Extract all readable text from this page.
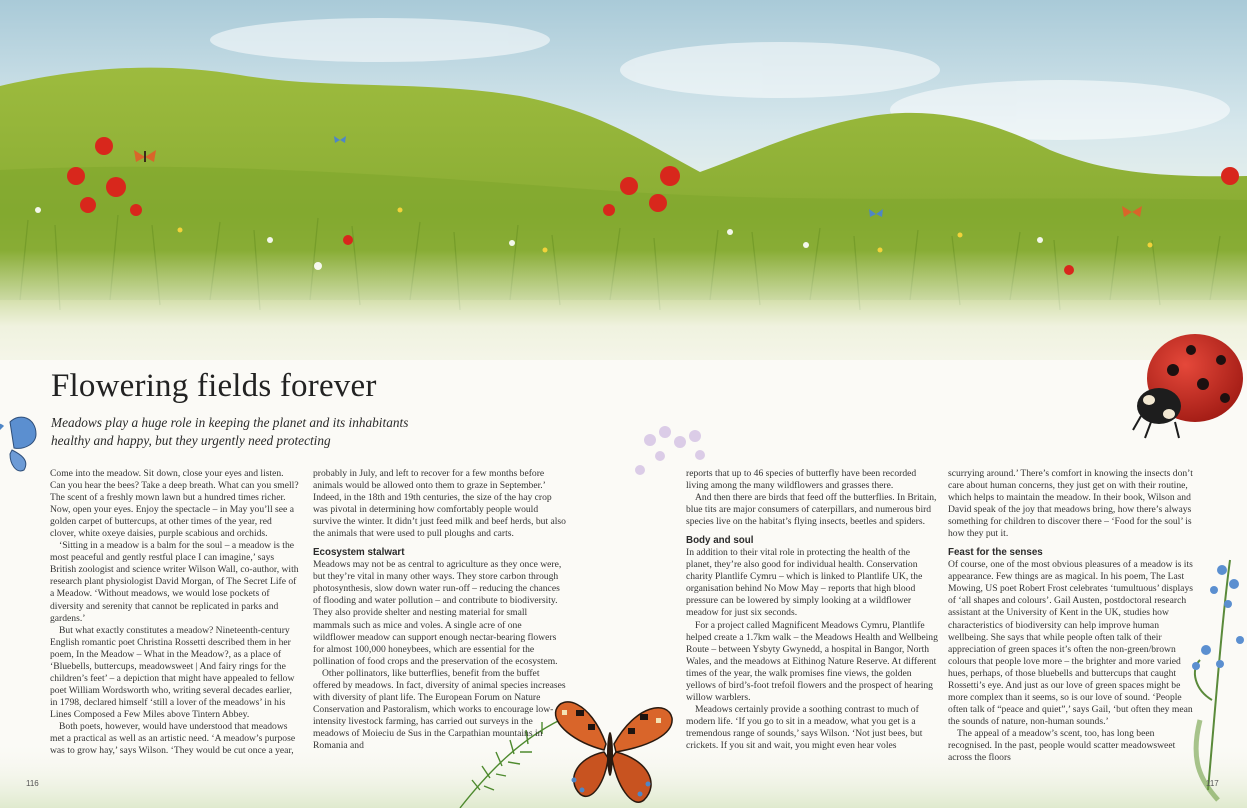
Flowering fields forever
Meadows play a huge role in keeping the planet and its inhabitants healthy and happy, but they urgently need protecting

Come into the meadow. Sit down, close your eyes and listen. Can you hear the bees? Take a deep breath. What can you smell? The scent of a freshly mown lawn but a hundred times richer. Now, open your eyes. Enjoy the spectacle – in May you’ll see a golden carpet of buttercups, at other times of the year, red clover, white oxeye daisies, purple scabious and orchids.

‘Sitting in a meadow is a balm for the soul – a meadow is the most peaceful and gently restful place I can imagine,’ says British zoologist and science writer Wilson Wall, co-author, with research plant physiologist David Morgan, of The Secret Life of a Meadow. ‘Without meadows, we would lose pockets of diversity and serenity that cannot be replicated in parks and gardens.’

But what exactly constitutes a meadow? Nineteenth-century English romantic poet Christina Rossetti described them in her poem, In the Meadow – What in the Meadow?, as a place of ‘Bluebells, buttercups, meadowsweet | And fairy rings for the children’s feet’ – a depiction that might have appealed to fellow poet William Wordsworth who, writing several decades earlier, in 1798, declared himself ‘still a lover of the meadows’ in his Lines Composed a Few Miles above Tintern Abbey.

Both poets, however, would have understood that meadows met a practical as well as an artistic need. ‘A meadow’s purpose was to grow hay,’ says Wilson. ‘They would be cut once a year,

probably in July, and left to recover for a few months before animals would be allowed onto them to graze in September.’ Indeed, in the 18th and 19th centuries, the size of the hay crop was pivotal in determining how comfortably people would survive the winter. It didn’t just feed milk and beef herds, but also the animals that were used to pull ploughs and carts.

Ecosystem stalwart

Meadows may not be as central to agriculture as they once were, but they’re vital in many other ways. They store carbon through photosynthesis, slow down water run-off – reducing the chances of flooding and water pollution – and contribute to biodiversity. They also provide shelter and nesting material for small mammals such as mice and voles. A single acre of one wildflower meadow can support enough nectar-bearing flowers for almost 100,000 honeybees, which are essential for the pollination of food crops and the preservation of the ecosystem.

Other pollinators, like butterflies, benefit from the buffet offered by meadows. In fact, diversity of animal species increases with diversity of plant life. The European Forum on Nature Conservation and Pastoralism, which works to encourage low-intensity livestock farming, has carried out surveys in the meadows of Moieciu de Sus in the Carpathian mountains in Romania and

reports that up to 46 species of butterfly have been recorded living among the many wildflowers and grasses there.

And then there are birds that feed off the butterflies. In Britain, blue tits are major consumers of caterpillars, and numerous bird species live on the habitat’s flying insects, beetles and spiders.

Body and soul

In addition to their vital role in protecting the health of the planet, they’re also good for individual health. Conservation charity Plantlife Cymru – which is linked to Plantlife UK, the organisation behind No Mow May – reports that high blood pressure can be lowered by simply looking at a wildflower meadow for just six seconds.

For a project called Magnificent Meadows Cymru, Plantlife helped create a 1.7km walk – the Meadows Health and Wellbeing Route – between Ysbyty Gwynedd, a hospital in Bangor, North Wales, and the meadows at Eithinog Nature Reserve. At different times of the year, the walk promises fine views, the golden yellows of bird’s-foot trefoil flowers and the prospect of hearing willow warblers.

Meadows certainly provide a soothing contrast to much of modern life. ‘If you go to sit in a meadow, what you get is a tremendous range of sounds,’ says Wilson. ‘Not just bees, but crickets. If you sit and wait, you might even hear voles

scurrying around.’ There’s comfort in knowing the insects don’t care about human concerns, they just get on with their routine, which helps to maintain the meadow. In their book, Wilson and David speak of the joy that meadows bring, how there’s always something for children to discover there – ‘Food for the soul’ is how they put it.

Feast for the senses

Of course, one of the most obvious pleasures of a meadow is its appearance. Few things are as magical. In his poem, The Last Mowing, US poet Robert Frost celebrates ‘tumultuous’ displays of ‘all shapes and colours’. Gail Austen, postdoctoral research assistant at the University of Kent in the UK, studies how characteristics of biodiversity can help improve human wellbeing. She says that while people often talk of their appreciation of green spaces it’s often the non-green/brown colours that people love more – the brighter and more varied hues, perhaps, of those bluebells and buttercups that caught Rossetti’s eye. And just as our love of green spaces might be more complex than it seems, so is our love of sound. ‘People often talk of “peace and quiet”,’ says Gail, ‘but often they mean the sounds of nature, non-human sounds.’

The appeal of a meadow’s scent, too, has long been recognised. In the past, people would scatter meadowsweet across the floors

116	117
